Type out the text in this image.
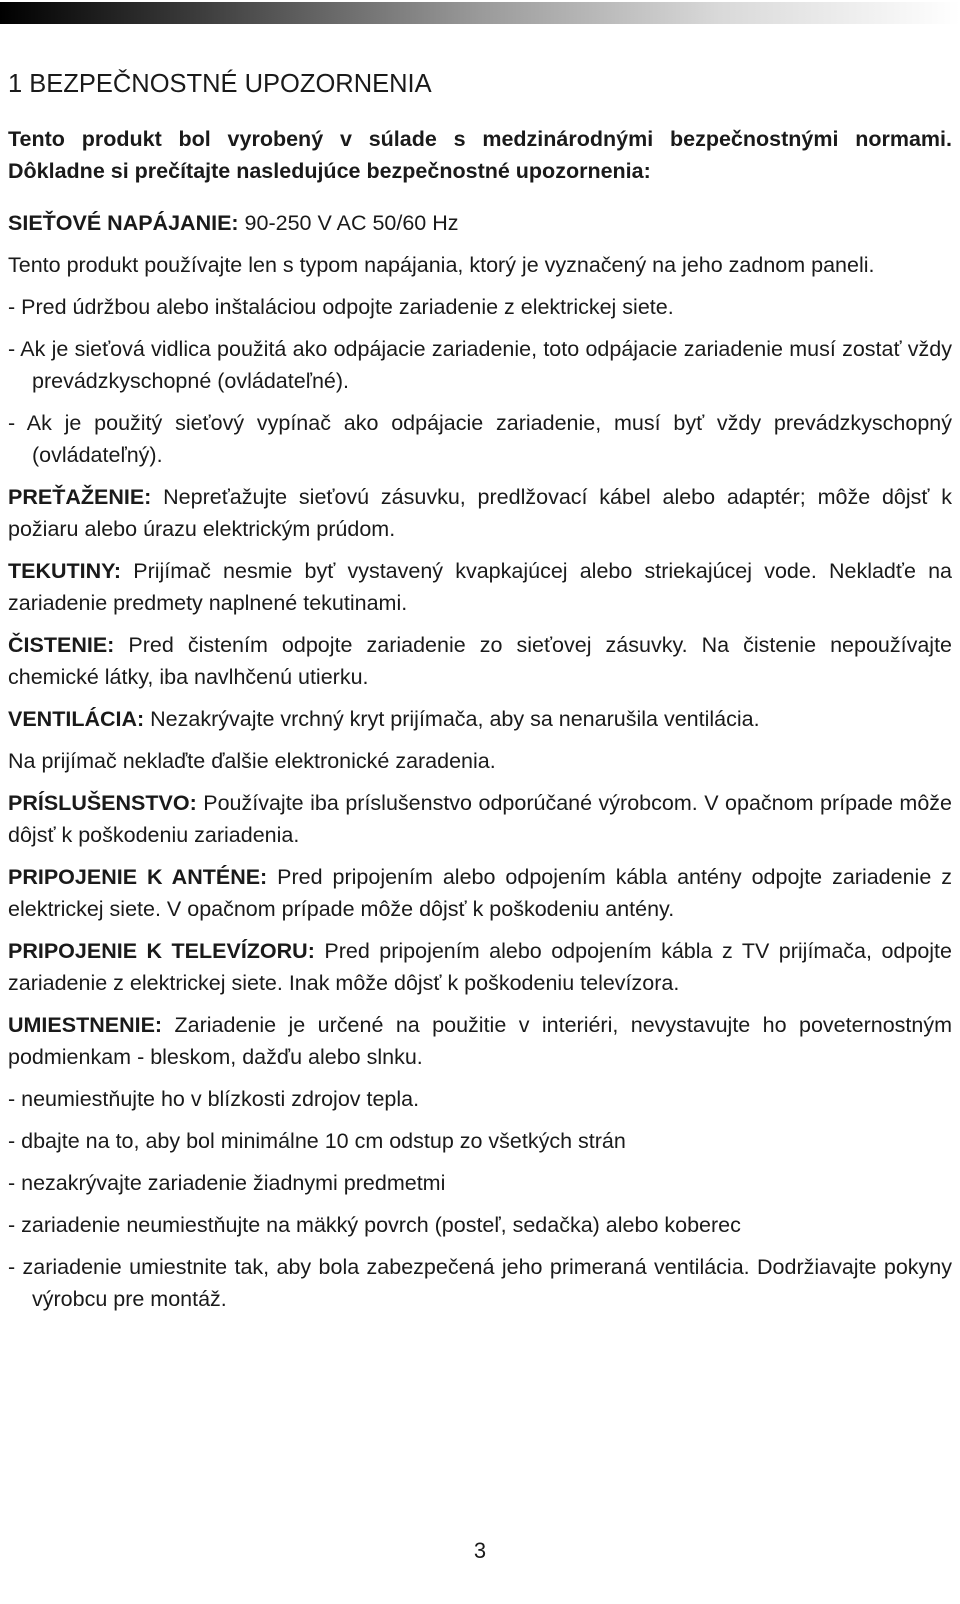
1 BEZPEČNOSTNÉ UPOZORNENIA

Tento produkt bol vyrobený v súlade s medzinárodnými bezpečnostnými normami. Dôkladne si prečítajte nasledujúce bezpečnostné upozornenia:

SIEŤOVÉ NAPÁJANIE: 90-250 V AC 50/60 Hz

Tento produkt používajte len s typom napájania, ktorý je vyznačený na jeho zadnom paneli.

- Pred údržbou alebo inštaláciou odpojte zariadenie z elektrickej siete.

- Ak je sieťová vidlica použitá ako odpájacie zariadenie, toto odpájacie zariadenie musí zostať vždy prevádzkyschopné (ovládateľné).

- Ak je použitý sieťový vypínač ako odpájacie zariadenie, musí byť vždy prevádzkyschopný (ovládateľný).

PREŤAŽENIE: Nepreťažujte sieťovú zásuvku, predlžovací kábel alebo adaptér; môže dôjsť k požiaru alebo úrazu elektrickým prúdom.

TEKUTINY: Prijímač nesmie byť vystavený kvapkajúcej alebo striekajúcej vode. Nekladťe na zariadenie predmety naplnené tekutinami.

ČISTENIE: Pred čistením odpojte zariadenie zo sieťovej zásuvky. Na čistenie nepoužívajte chemické látky, iba navlhčenú utierku.

VENTILÁCIA: Nezakrývajte vrchný kryt prijímača, aby sa nenarušila ventilácia.

Na prijímač neklaďte ďalšie elektronické zaradenia.

PRÍSLUŠENSTVO: Používajte iba príslušenstvo odporúčané výrobcom. V opačnom prípade môže dôjsť k poškodeniu zariadenia.

PRIPOJENIE K ANTÉNE: Pred pripojením alebo odpojením kábla antény odpojte zariadenie z elektrickej siete. V opačnom prípade môže dôjsť k poškodeniu antény.

PRIPOJENIE K TELEVÍZORU: Pred pripojením alebo odpojením kábla z TV prijímača, odpojte zariadenie z elektrickej siete. Inak môže dôjsť k poškodeniu televízora.

UMIESTNENIE: Zariadenie je určené na použitie v interiéri, nevystavujte ho poveternostným podmienkam - bleskom, dažďu alebo slnku.

- neumiestňujte ho v blízkosti zdrojov tepla.

- dbajte na to, aby bol minimálne 10 cm odstup zo všetkých strán

- nezakrývajte zariadenie žiadnymi predmetmi

- zariadenie neumiestňujte na mäkký povrch (posteľ, sedačka) alebo koberec

- zariadenie umiestnite tak, aby bola zabezpečená jeho primeraná ventilácia. Dodržiavajte pokyny výrobcu pre montáž.

3
